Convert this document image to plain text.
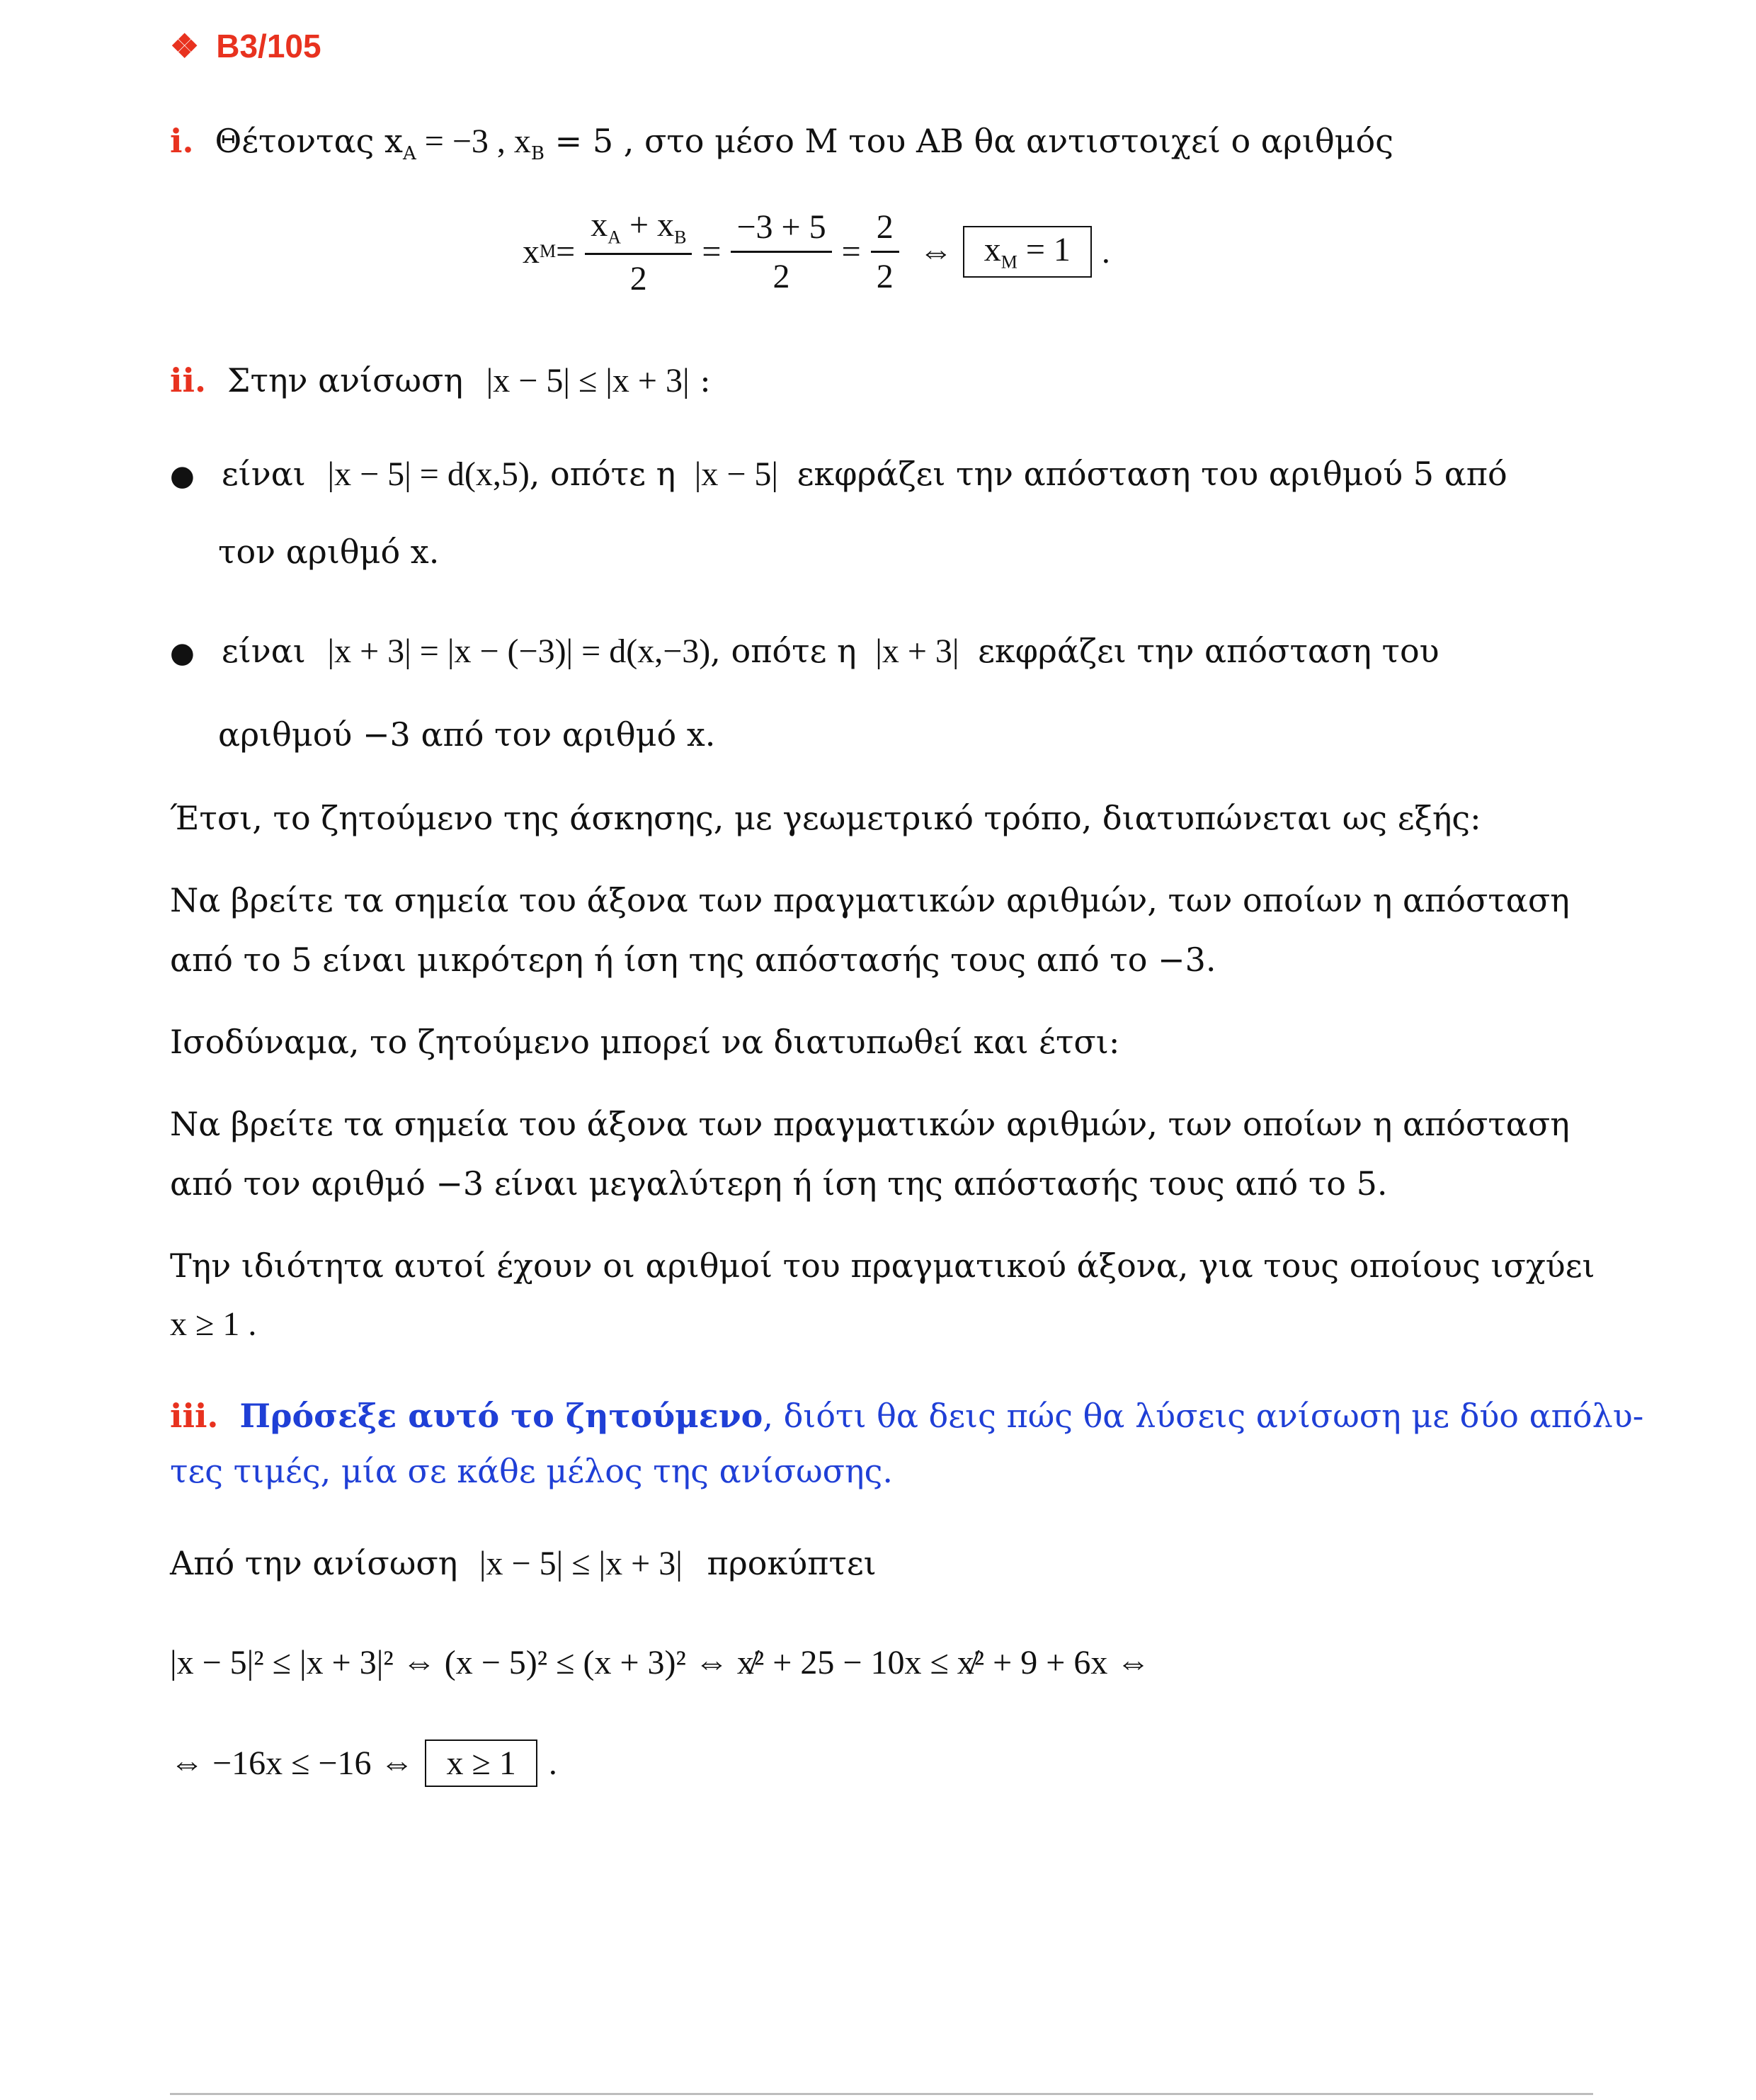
❖ B3/105
i. Θέτοντας $x_A = -3$ , $x_B = 5$ , στο μέσο M του AB θα αντιστοιχεί ο αριθμός
x $M = \frac{x_A + x_B}{2} = \frac{-3 + 5}{2} = \frac{2}{2}$ ⇔ $x_M = 1$ .
ii. Στην ανίσωση |x − 5| ≤ |x + 3| :
● είναι |x − 5| = d(x,5), οπότε η |x − 5| εκφράζει την απόσταση του αριθμού 5 από
τον αριθμό x.
● είναι |x + 3| = |x − (−3)| = d(x,−3), οπότε η |x + 3| εκφράζει την απόσταση του
αριθμού −3 από τον αριθμό x.
Έτσι, το ζητούμενο της άσκησης, με γεωμετρικό τρόπο, διατυπώνεται ως εξής:
Να βρείτε τα σημεία του άξονα των πραγματικών αριθμών, των οποίων η απόσταση
από το 5 είναι μικρότερη ή ίση της απόστασής τους από το −3.
Ισοδύναμα, το ζητούμενο μπορεί να διατυπωθεί και έτσι:
Να βρείτε τα σημεία του άξονα των πραγματικών αριθμών, των οποίων η απόσταση
από τον αριθμό −3 είναι μεγαλύτερη ή ίση της απόστασής τους από το 5.
Την ιδιότητα αυτοί έχουν οι αριθμοί του πραγματικού άξονα, για τους οποίους ισχύει
x ≥ 1 .
iii. Πρόσεξε αυτό το ζητούμενο, διότι θα δεις πώς θα λύσεις ανίσωση με δύο απόλυ-
τες τιμές, μία σε κάθε μέλος της ανίσωσης.
Από την ανίσωση |x − 5| ≤ |x + 3| προκύπτει
|x − 5|² ≤ |x + 3|² ⇔ (x − 5)² ≤ (x + 3)² ⇔ x̸² + 25 − 10x ≤ x̸² + 9 + 6x ⇔
⇔ −16x ≤ −16 ⇔ x ≥ 1 .
